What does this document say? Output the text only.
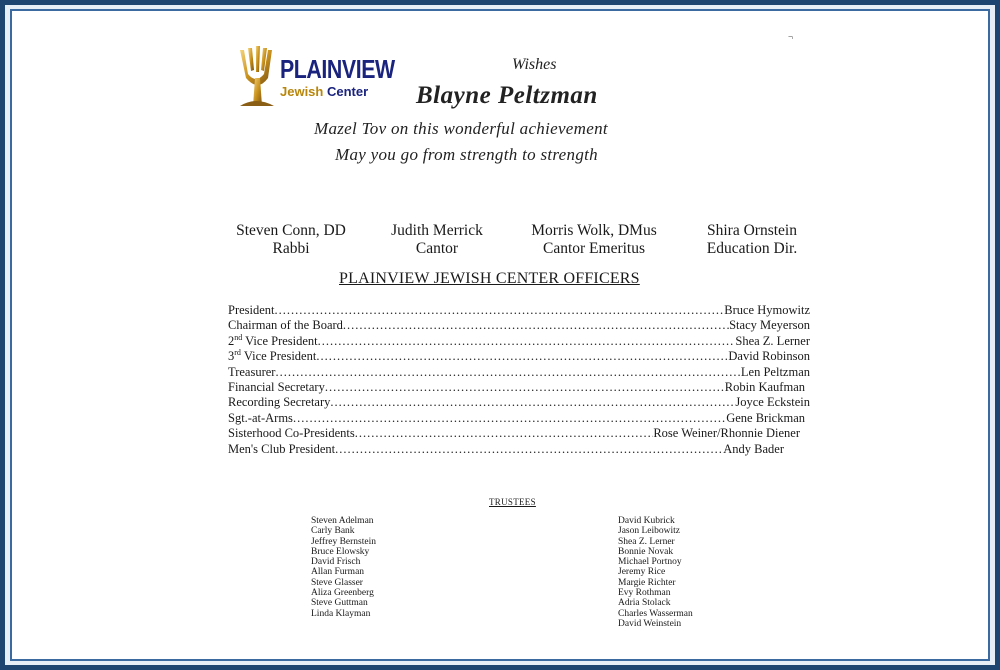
¬
PLAINVIEW
Jewish Center
Wishes
Blayne Peltzman
Mazel Tov on this wonderful achievement
May you go from strength to strength
Steven Conn, DD
Rabbi
Judith Merrick
Cantor
Morris Wolk, DMus
Cantor Emeritus
Shira Ornstein
Education Dir.
PLAINVIEW JEWISH CENTER OFFICERS
President .....	Bruce Hymowitz
Chairman of the Board .....	Stacy Meyerson
2nd Vice President .....	Shea Z. Lerner
3rd Vice President .....	David Robinson
Treasurer .....	Len Peltzman
Financial Secretary .....	Robin Kaufman
Recording Secretary .....	Joyce Eckstein
Sgt.-at-Arms .....	Gene Brickman
Sisterhood Co-Presidents .....	Rose Weiner/Rhonnie Diener
Men's Club President .....	Andy Bader
TRUSTEES
Steven Adelman
Carly Bank
Jeffrey Bernstein
Bruce Elowsky
David Frisch
Allan Furman
Steve Glasser
Aliza Greenberg
Steve Guttman
Linda Klayman
David Kubrick
Jason Leibowitz
Shea Z. Lerner
Bonnie Novak
Michael Portnoy
Jeremy Rice
Margie Richter
Evy Rothman
Adria Stolack
Charles Wasserman
David Weinstein
